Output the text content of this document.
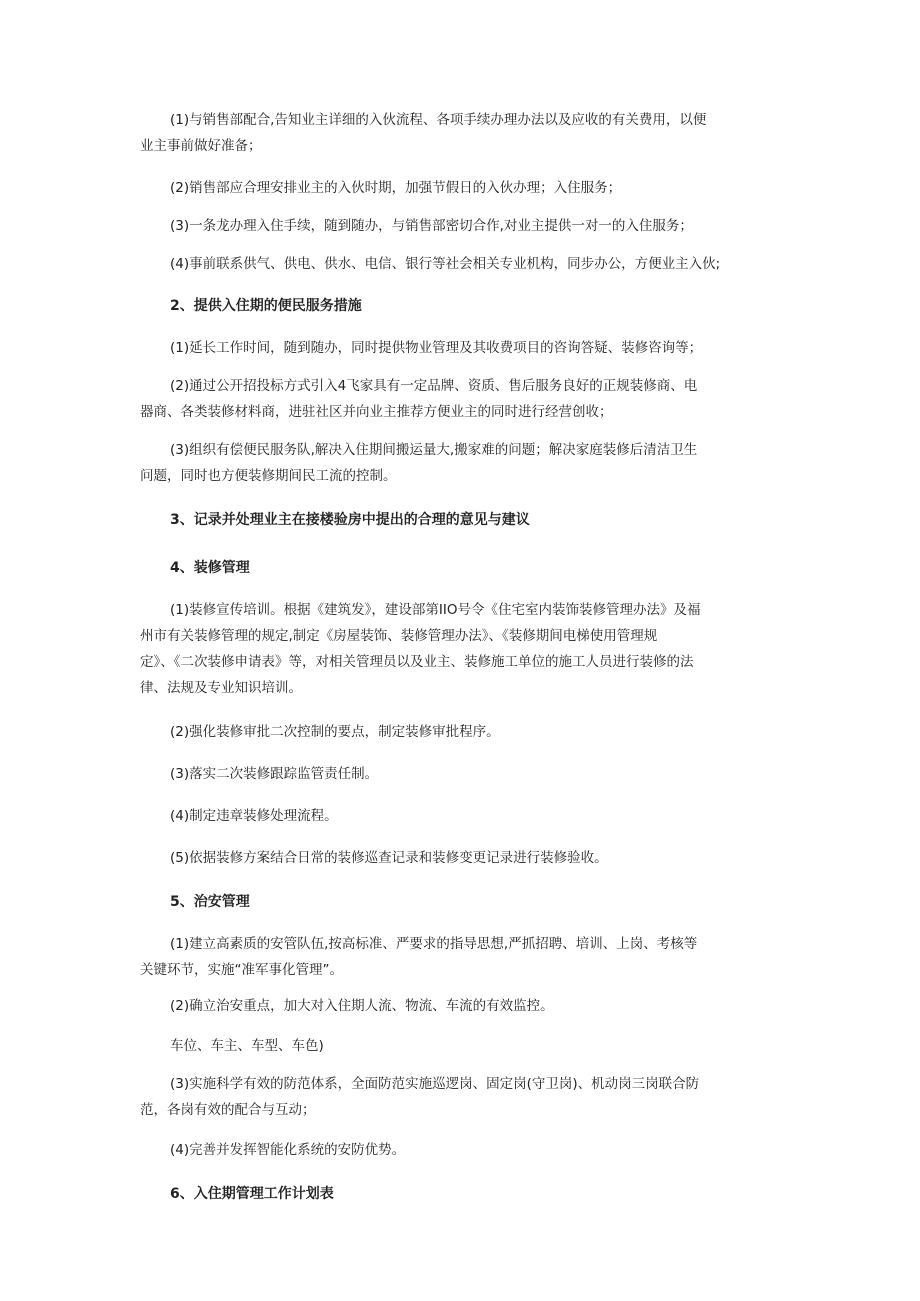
(1)与销售部配合,告知业主详细的入伙流程、各项手续办理办法以及应收的有关费用，以便
业主事前做好准备；
(2)销售部应合理安排业主的入伙时期，加强节假日的入伙办理；入住服务；
(3)一条龙办理入住手续，随到随办，与销售部密切合作,对业主提供一对一的入住服务；
(4)事前联系供气、供电、供水、电信、银行等社会相关专业机构，同步办公，方便业主入伙;
2、提供入住期的便民服务措施
(1)延长工作时间，随到随办，同时提供物业管理及其收费项目的咨询答疑、装修咨询等；
(2)通过公开招投标方式引入4飞家具有一定品牌、资质、售后服务良好的正规装修商、电
器商、各类装修材料商，进驻社区并向业主推荐方便业主的同时进行经营创收；
(3)组织有偿便民服务队,解决入住期间搬运量大,搬家难的问题；解决家庭装修后清洁卫生
问题，同时也方便装修期间民工流的控制。
3、记录并处理业主在接楼验房中提出的合理的意见与建议
4、装修管理
(1)装修宣传培训。根据《建筑发》，建设部第IIO号令《住宅室内装饰装修管理办法》及福
州市有关装修管理的规定,制定《房屋装饰、装修管理办法》、《装修期间电梯使用管理规
定》、《二次装修申请表》等，对相关管理员以及业主、装修施工单位的施工人员进行装修的法
律、法规及专业知识培训。
(2)强化装修审批二次控制的要点，制定装修审批程序。
(3)落实二次装修跟踪监管责任制。
(4)制定违章装修处理流程。
(5)依据装修方案结合日常的装修巡查记录和装修变更记录进行装修验收。
5、治安管理
(1)建立高素质的安管队伍,按高标准、严要求的指导思想,严抓招聘、培训、上岗、考核等
关键环节，实施“准军事化管理”。
(2)确立治安重点，加大对入住期人流、物流、车流的有效监控。
车位、车主、车型、车色)
(3)实施科学有效的防范体系，全面防范实施巡逻岗、固定岗(守卫岗)、机动岗三岗联合防
范，各岗有效的配合与互动；
(4)完善并发挥智能化系统的安防优势。
6、入住期管理工作计划表
